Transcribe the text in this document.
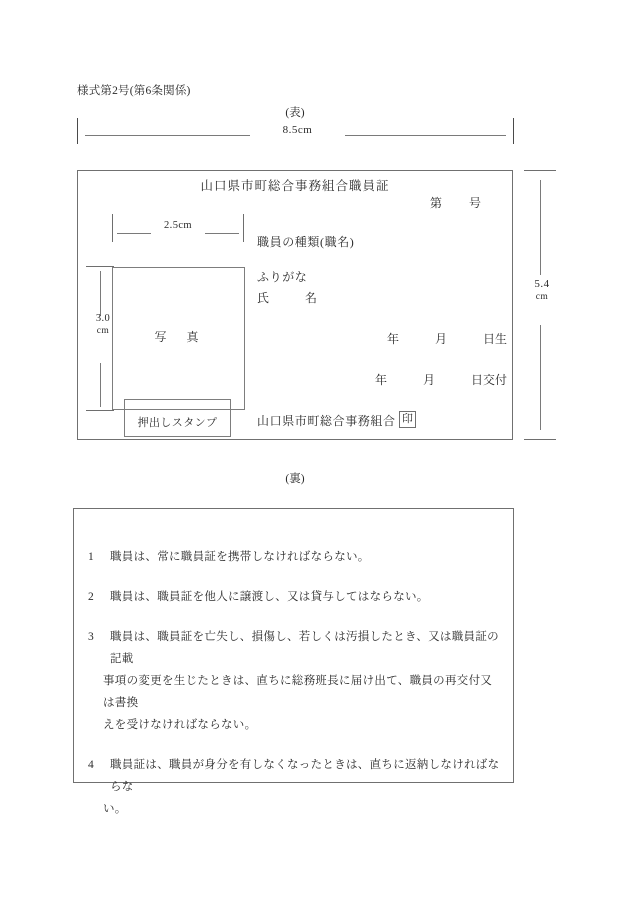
様式第2号(第6条関係)
(表)
8.5cm
山口県市町総合事務組合職員証
第　　号
2.5cm
3.0
cm
5.4
cm
写　真
押出しスタンプ
職員の種類(職名)
ふりがな
氏　　　名
年　　　月　　　日生
年　　　月　　　日交付
山口県市町総合事務組合 印
(裏)
1	職員は、常に職員証を携帯しなければならない。
2	職員は、職員証を他人に譲渡し、又は貸与してはならない。
3	職員は、職員証を亡失し、損傷し、若しくは汚損したとき、又は職員証の記載
事項の変更を生じたときは、直ちに総務班長に届け出て、職員の再交付又は書換
えを受けなければならない。
4	職員証は、職員が身分を有しなくなったときは、直ちに返納しなければならな
い。
